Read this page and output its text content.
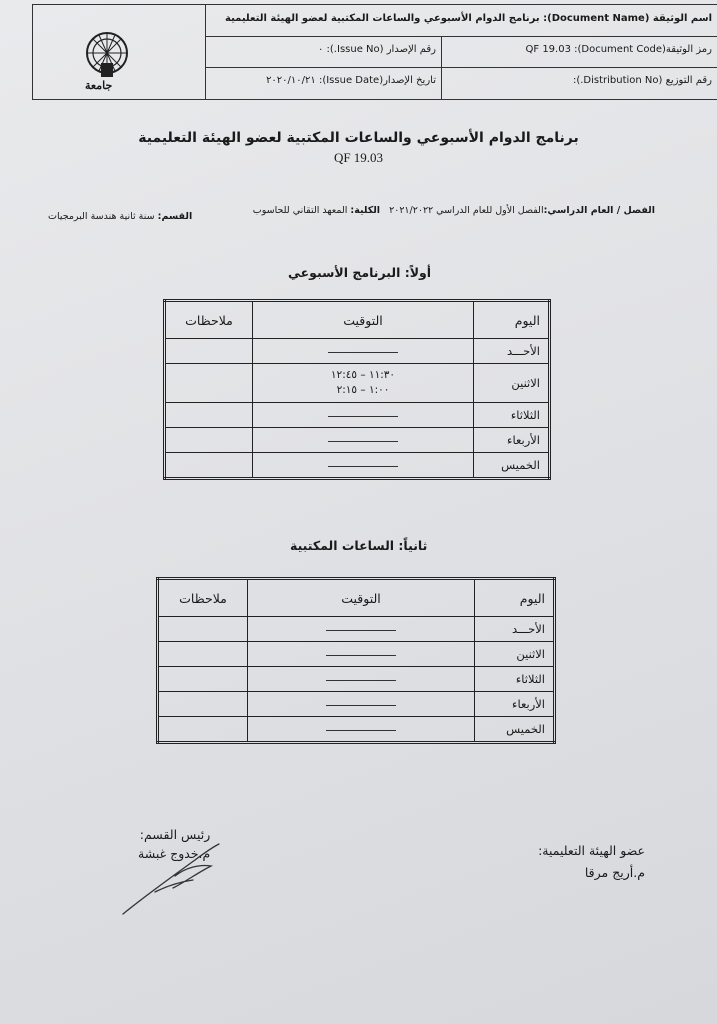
جامعة
اسم الوثيقة (Document Name): برنامج الدوام الأسبوعي والساعات المكتبية لعضو الهيئة التعليمية
رمز الوثيقة(Document Code): QF 19.03
رقم الإصدار (Issue No.): ٠
رقم التوزيع (Distribution No.):
تاريخ الإصدار(Issue Date): ٢٠٢٠/١٠/٢١
برنامج الدوام الأسبوعي والساعات المكتبية لعضو الهيئة التعليمية
QF 19.03
الفصل / العام الدراسي:الفصل الأول للعام الدراسي ٢٠٢١/٢٠٢٢   الكلية: المعهد التقاني للحاسوب
القسم: سنة ثانية هندسة البرمجيات
أولاً: البرنامج الأسبوعي
اليوم	التوقيت	ملاحظات
الأحـــد		
الاثنين	١١:٣٠ – ١٢:٤٥
١:٠٠ – ٢:١٥	

الثلاثاء		
الأربعاء		
الخميس		
ثانياً: الساعات المكتبية
اليوم	التوقيت	ملاحظات
الأحـــد		
الاثنين		
الثلاثاء		
الأربعاء		
الخميس		
عضو الهيئة التعليمية:
م.أريج مرقا
رئيس القسم:
م.خدوج غبشة
